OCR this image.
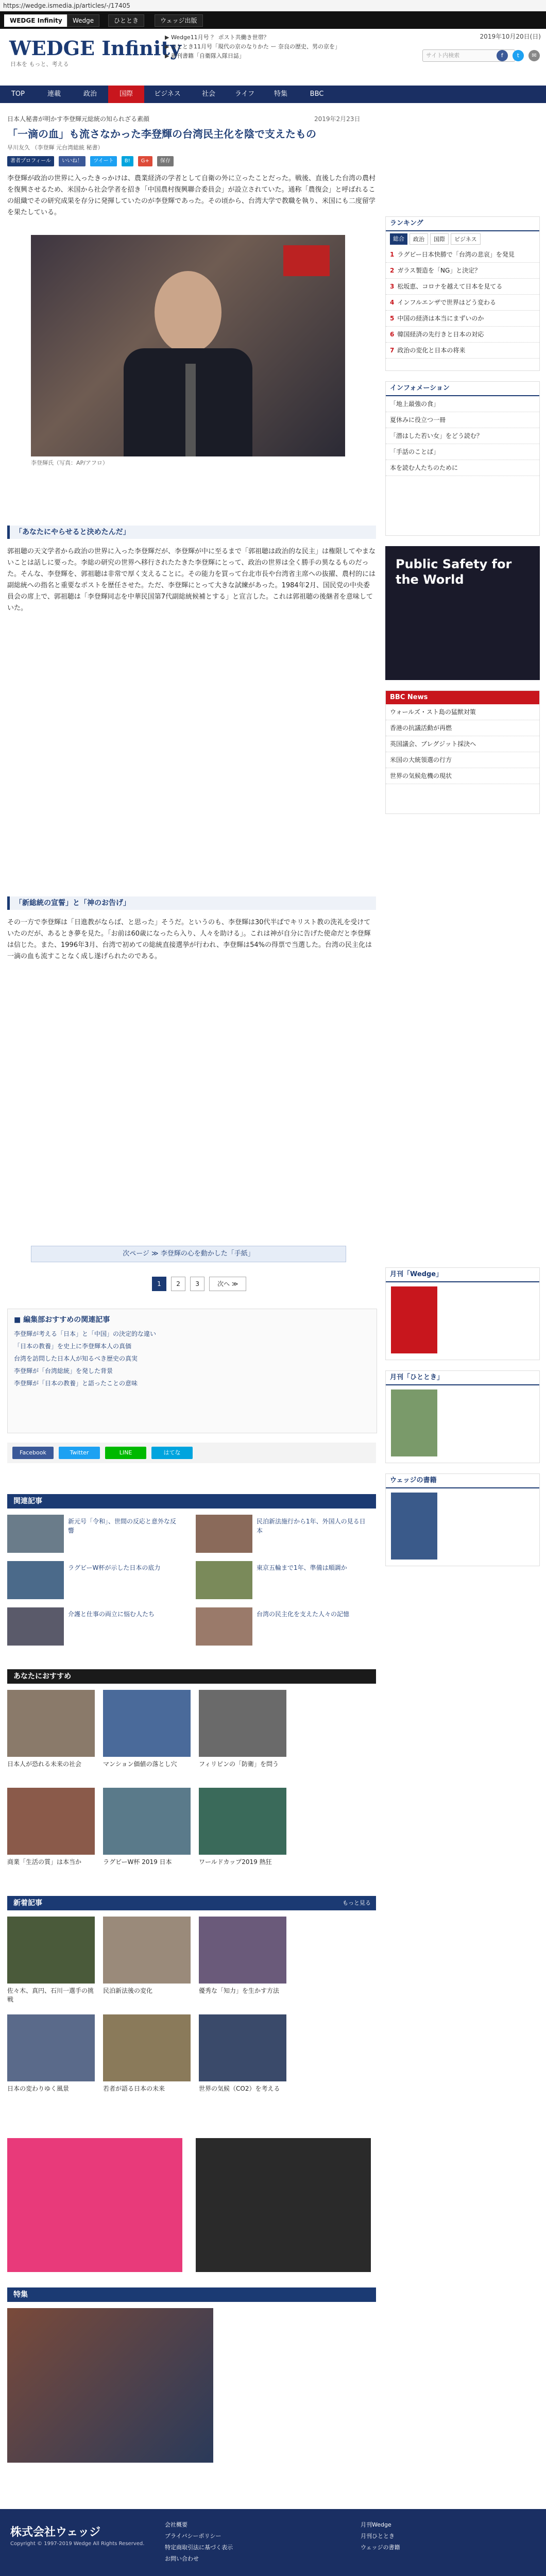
https://wedge.ismedia.jp/articles/-/17405
WEDGE Infinity	Wedge	ひととき	ウェッジ出版
WEDGE Infinity
日本を もっと、考える
▶ Wedge11月号 ？ ポスト共働き世帯？
▶ ひととき11月号「現代の京のなりかた ー 奈良の歴史、男の京を」
▶ 新刊書籍「自衛隊入隊日誌」
2019年10月20日(日)
サイト内検索	f t ✉
TOP	連載	政治	国際	ビジネス	社会	ライフ	特集	BBC
日本人秘書が明かす李登輝元総統の知られざる素顔	2019年2月23日
「一滴の血」も流さなかった李登輝の台湾民主化を陰で支えたもの
早川友久 （李登輝 元台湾総統 秘書）
著者プロフィール いいね！ ツイート B! G+ 保存
李登輝が政治の世界に入ったきっかけは、農業経済の学者として自衛の外に立ったことだった。戦後、直後した台湾の農村を復興させるため、米国から社会学者を招き「中国農村復興聯合委員会」が設立されていた。通称「農復会」と呼ばれるこの組織でその研究成果を存分に発揮していたのが李登輝であった。その頃から、台湾大学で教職を執り、米国にも二度留学を果たしている。
李登輝氏（写真：AP/アフロ）
「あなたにやらせると決めたんだ」
郭祖聴の天文学者から政治の世界に入った李登輝だが、李登輝が中に至るまで「郭祖聴は政治的な民主」は権限してやまないことは話しに要った。李総の研究の世界へ移行されたたきた李登輝にとって、政治の世界は全く勝手の異なるものだった。そんな、李登輝を、郭祖聴は非常で厚く支えることに。その能力を買って台北市長や台湾省主席への抜擢、農村的には副総統への指名と重要なポストを歴任させた。ただ、李登輝にとって大きな試練があった。1984年2月、国民党の中央委員会の席上で、郭祖聴は「李登輝同志を中華民国第7代副総統候補とする」と宣言した。これは郭祖聴の後継者を意味していた。
「新総統の宣誓」と「神のお告げ」
その一方で李登輝は「日進教がならば、と思った」そうだ。というのも、李登輝は30代半ばでキリスト教の洗礼を受けていたのだが、あるとき夢を見た。「お前は60歳になったら入り、人々を助ける」。これは神が自分に告げた使命だと李登輝は信じた。また、1996年3月、台湾で初めての総統直接選挙が行われ、李登輝は54%の得票で当選した。台湾の民主化は一滴の血も流すことなく成し遂げられたのである。
次ページ ≫ 李登輝の心を動かした「手紙」
1 2 3	次へ ≫
■ 編集部おすすめの関連記事
李登輝が考える「日本」と「中国」の決定的な違い
「日本の教養」を史上に李登輝本人の真価
台湾を訪問した日本人が知るべき歴史の真実
李登輝が「台湾総統」を発した背景
李登輝が「日本の教養」と語ったことの意味
Facebook	Twitter	LINE	はてな
関連記事
新元号「令和」、世間の反応と意外な反響
民泊新法施行から1年、外国人の見る日本
ラグビーW杯が示した日本の底力	東京五輪まで1年、準備は順調か
介護と仕事の両立に悩む人たち	台湾の民主化を支えた人々の記憶
あなたにおすすめ
日本人が恐れる未来の社会	マンション価値の落とし穴	フィリピンの「防衛」を問う
商業「生活の質」は本当か	ラグビーW杯 2019 日本	ワールドカップ2019 熱狂
新着記事	もっと見る
佐々木、真円、石川一選手の挑戦
民泊新法後の変化	優秀な「知力」を生かす方法
日本の変わりゆく風景	若者が語る日本の未来	世界の気候（CO2）を考える
特集
ランキング
総合	政治	国際	ビジネス
1 ラグビー日本快勝で「台湾の悲哀」を発見
2 ガラス製造を「NG」と決定？
3 松坂恵、コロナを越えて日本を見てる
4 インフルエンザで世界はどう変わる
5 中国の経済は本当にまずいのか
6 韓国経済の先行きと日本の対応
7 政治の変化と日本の将来
インフォメーション
「地上最強の食」
夏休みに役立つ一冊
「潜はした若い女」をどう読む？
「手話のことば」
本を読む人たちのために
Public Safety for the World
BBC News
ウォールズ・スト島の猛獣対策
香港の抗議活動が再燃
英国議会、ブレグジット採決へ
米国の大統領選の行方
世界の気候危機の現状
月刊「Wedge」
月刊「ひととき」
ウェッジの書籍
株式会社ウェッジ
Copyright © 1997-2019 Wedge All Rights Reserved.
会社概要
プライバシーポリシー
特定商取引法に基づく表示
お問い合わせ
月刊Wedge
月刊ひととき
ウェッジの書籍
